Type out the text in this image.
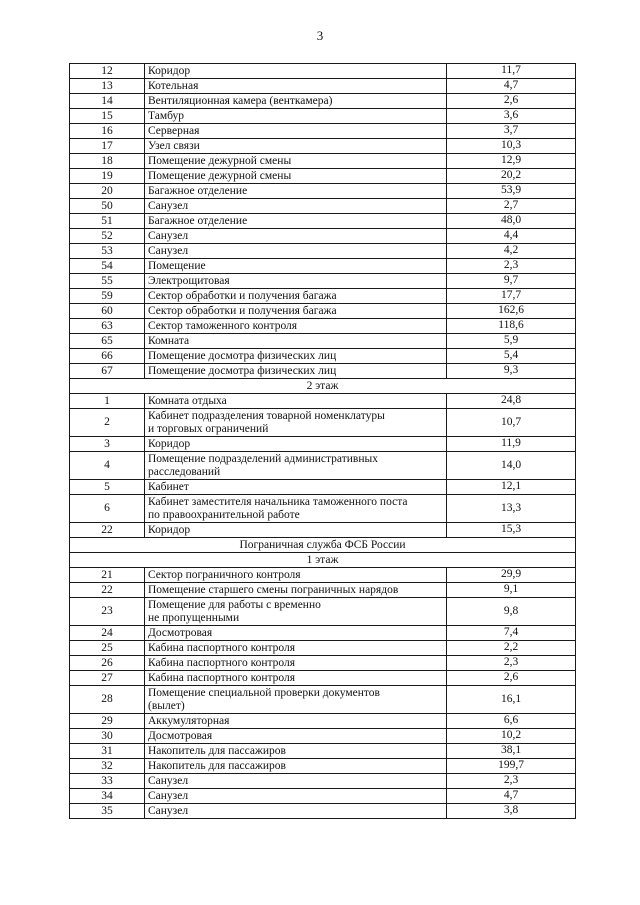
3
12	Коридор	11,7
13	Котельная	4,7
14	Вентиляционная камера (венткамера)	2,6
15	Тамбур	3,6
16	Серверная	3,7
17	Узел связи	10,3
18	Помещение дежурной смены	12,9
19	Помещение дежурной смены	20,2
20	Багажное отделение	53,9
50	Санузел	2,7
51	Багажное отделение	48,0
52	Санузел	4,4
53	Санузел	4,2
54	Помещение	2,3
55	Электрощитовая	9,7
59	Сектор обработки и получения багажа	17,7
60	Сектор обработки и получения багажа	162,6
63	Сектор таможенного контроля	118,6
65	Комната	5,9
66	Помещение досмотра физических лиц	5,4
67	Помещение досмотра физических лиц	9,3
2 этаж		
1	Комната отдыха	24,8
2	Кабинет подразделения товарной номенклатуры
и торговых ограничений	10,7
3	Коридор	11,9
4	Помещение подразделений административных
расследований	14,0
5	Кабинет	12,1
6	Кабинет заместителя начальника таможенного поста
по правоохранительной работе	13,3
22	Коридор	15,3
Пограничная служба ФСБ России		
1 этаж		
21	Сектор пограничного контроля	29,9
22	Помещение старшего смены пограничных нарядов	9,1
23	Помещение для работы с временно
не пропущенными	9,8
24	Досмотровая	7,4
25	Кабина паспортного контроля	2,2
26	Кабина паспортного контроля	2,3
27	Кабина паспортного контроля	2,6
28	Помещение специальной проверки документов
(вылет)	16,1
29	Аккумуляторная	6,6
30	Досмотровая	10,2
31	Накопитель для пассажиров	38,1
32	Накопитель для пассажиров	199,7
33	Санузел	2,3
34	Санузел	4,7
35	Санузел	3,8
